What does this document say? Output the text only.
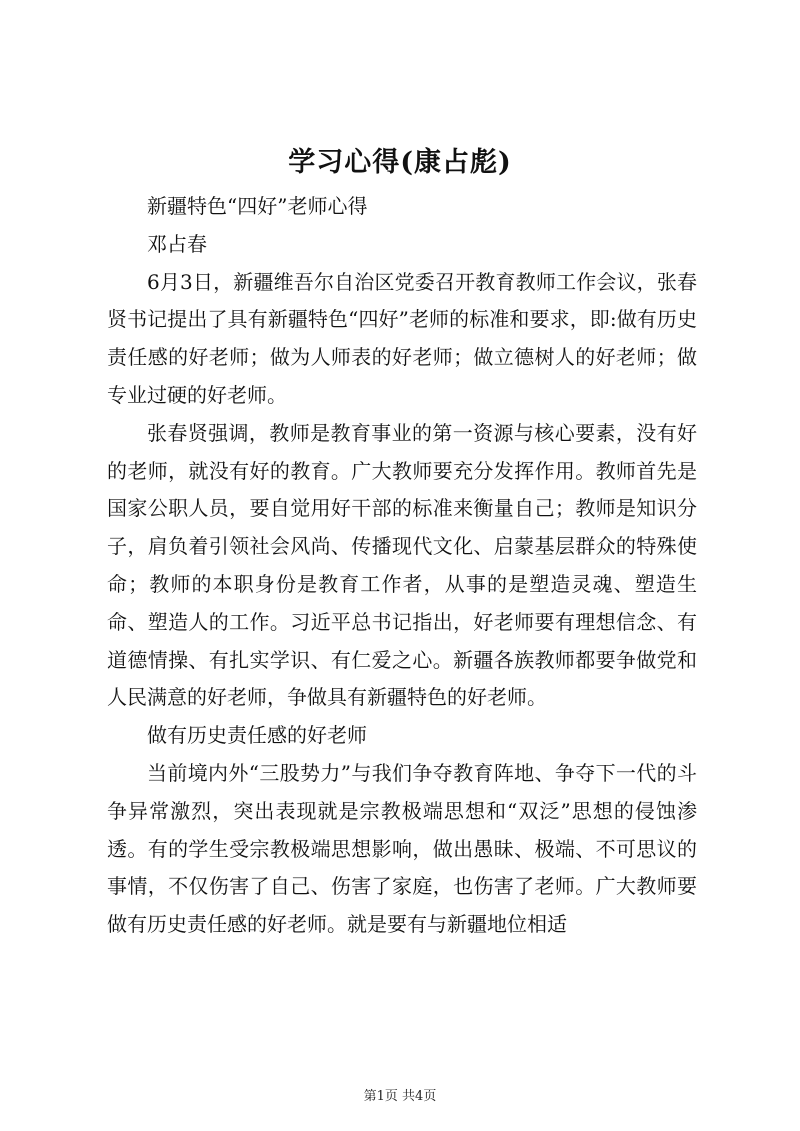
学习心得(康占彪)

新疆特色“四好”老师心得

邓占春

6月3日，新疆维吾尔自治区党委召开教育教师工作会议，张春贤书记提出了具有新疆特色“四好”老师的标准和要求，即:做有历史责任感的好老师；做为人师表的好老师；做立德树人的好老师；做专业过硬的好老师。

张春贤强调，教师是教育事业的第一资源与核心要素，没有好的老师，就没有好的教育。广大教师要充分发挥作用。教师首先是国家公职人员，要自觉用好干部的标准来衡量自己；教师是知识分子，肩负着引领社会风尚、传播现代文化、启蒙基层群众的特殊使命；教师的本职身份是教育工作者，从事的是塑造灵魂、塑造生命、塑造人的工作。习近平总书记指出，好老师要有理想信念、有道德情操、有扎实学识、有仁爱之心。新疆各族教师都要争做党和人民满意的好老师，争做具有新疆特色的好老师。

做有历史责任感的好老师

当前境内外“三股势力”与我们争夺教育阵地、争夺下一代的斗争异常激烈，突出表现就是宗教极端思想和“双泛”思想的侵蚀渗透。有的学生受宗教极端思想影响，做出愚昧、极端、不可思议的事情，不仅伤害了自己、伤害了家庭，也伤害了老师。广大教师要做有历史责任感的好老师。就是要有与新疆地位相适

第1页 共4页
